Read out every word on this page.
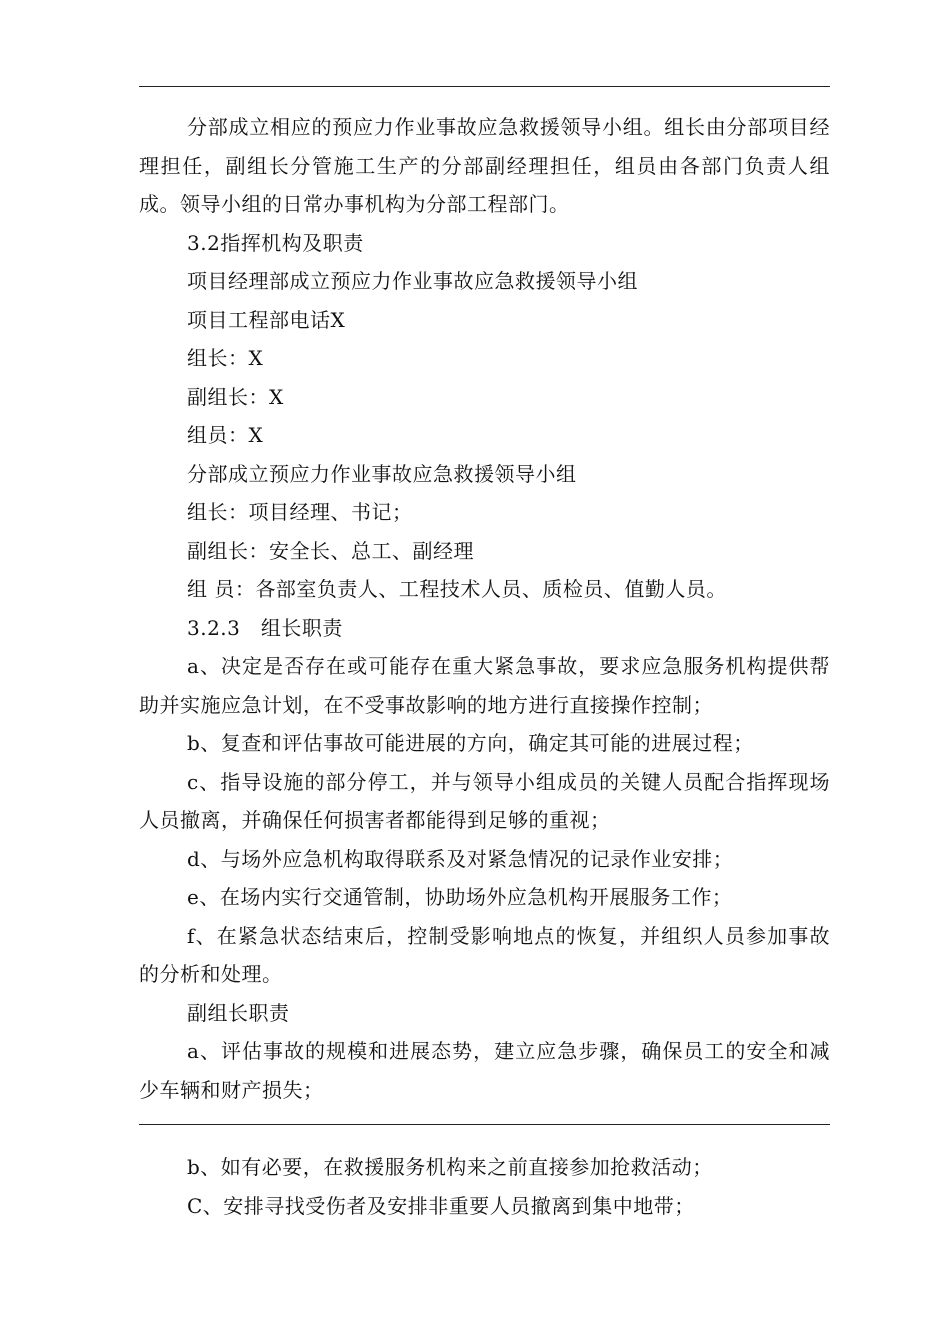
分部成立相应的预应力作业事故应急救援领导小组。组长由分部项目经理担任，副组长分管施工生产的分部副经理担任，组员由各部门负责人组成。领导小组的日常办事机构为分部工程部门。

3.2指挥机构及职责

项目经理部成立预应力作业事故应急救援领导小组

项目工程部电话X

组长：X

副组长：X

组员：X

分部成立预应力作业事故应急救援领导小组

组长：项目经理、书记；

副组长：安全长、总工、副经理

组 员：各部室负责人、工程技术人员、质检员、值勤人员。

3.2.3　组长职责

a、决定是否存在或可能存在重大紧急事故，要求应急服务机构提供帮助并实施应急计划，在不受事故影响的地方进行直接操作控制；

b、复查和评估事故可能进展的方向，确定其可能的进展过程；

c、指导设施的部分停工，并与领导小组成员的关键人员配合指挥现场人员撤离，并确保任何损害者都能得到足够的重视；

d、与场外应急机构取得联系及对紧急情况的记录作业安排；

e、在场内实行交通管制，协助场外应急机构开展服务工作；

f、在紧急状态结束后，控制受影响地点的恢复，并组织人员参加事故的分析和处理。

副组长职责

a、评估事故的规模和进展态势，建立应急步骤，确保员工的安全和减少车辆和财产损失；

b、如有必要，在救援服务机构来之前直接参加抢救活动；

C、安排寻找受伤者及安排非重要人员撤离到集中地带；
